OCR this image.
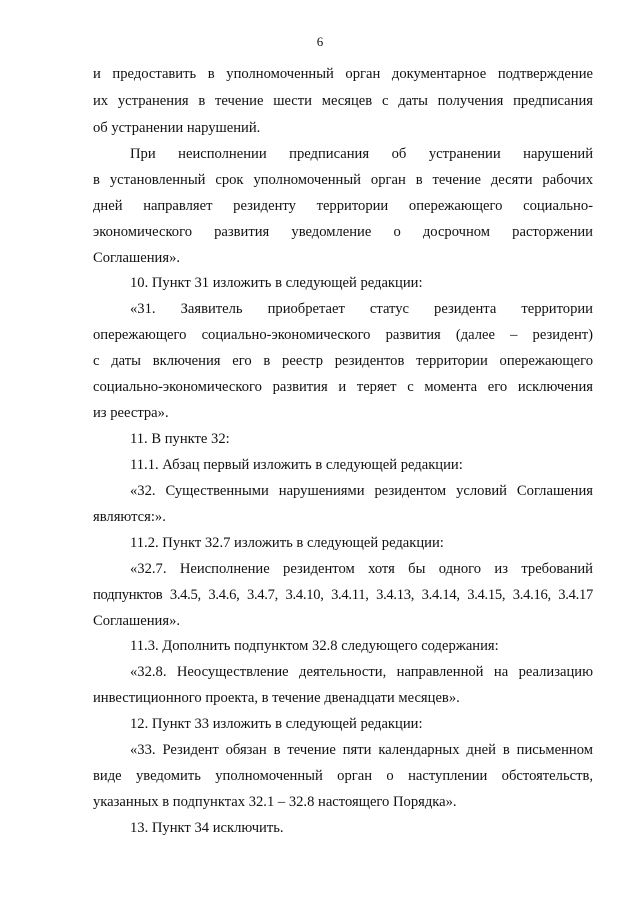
6
и предоставить в уполномоченный орган документарное подтверждение
их устранения в течение шести месяцев с даты получения предписания
об устранении нарушений.
При неисполнении предписания об устранении нарушений
в установленный срок уполномоченный орган в течение десяти рабочих
дней направляет резиденту территории опережающего социально-
экономического развития уведомление о досрочном расторжении
Соглашения».
10. Пункт 31 изложить в следующей редакции:
«31. Заявитель приобретает статус резидента территории
опережающего социально-экономического развития (далее – резидент)
с даты включения его в реестр резидентов территории опережающего
социально-экономического развития и теряет с момента его исключения
из реестра».
11. В пункте 32:
11.1. Абзац первый изложить в следующей редакции:
«32. Существенными нарушениями резидентом условий Соглашения
являются:».
11.2. Пункт 32.7 изложить в следующей редакции:
«32.7. Неисполнение резидентом хотя бы одного из требований
подпунктов 3.4.5, 3.4.6, 3.4.7, 3.4.10, 3.4.11, 3.4.13, 3.4.14, 3.4.15, 3.4.16, 3.4.17
Соглашения».
11.3. Дополнить подпунктом 32.8 следующего содержания:
«32.8. Неосуществление деятельности, направленной на реализацию
инвестиционного проекта, в течение двенадцати месяцев».
12. Пункт 33 изложить в следующей редакции:
«33. Резидент обязан в течение пяти календарных дней в письменном
виде уведомить уполномоченный орган о наступлении обстоятельств,
указанных в подпунктах 32.1 – 32.8 настоящего Порядка».
13. Пункт 34 исключить.
